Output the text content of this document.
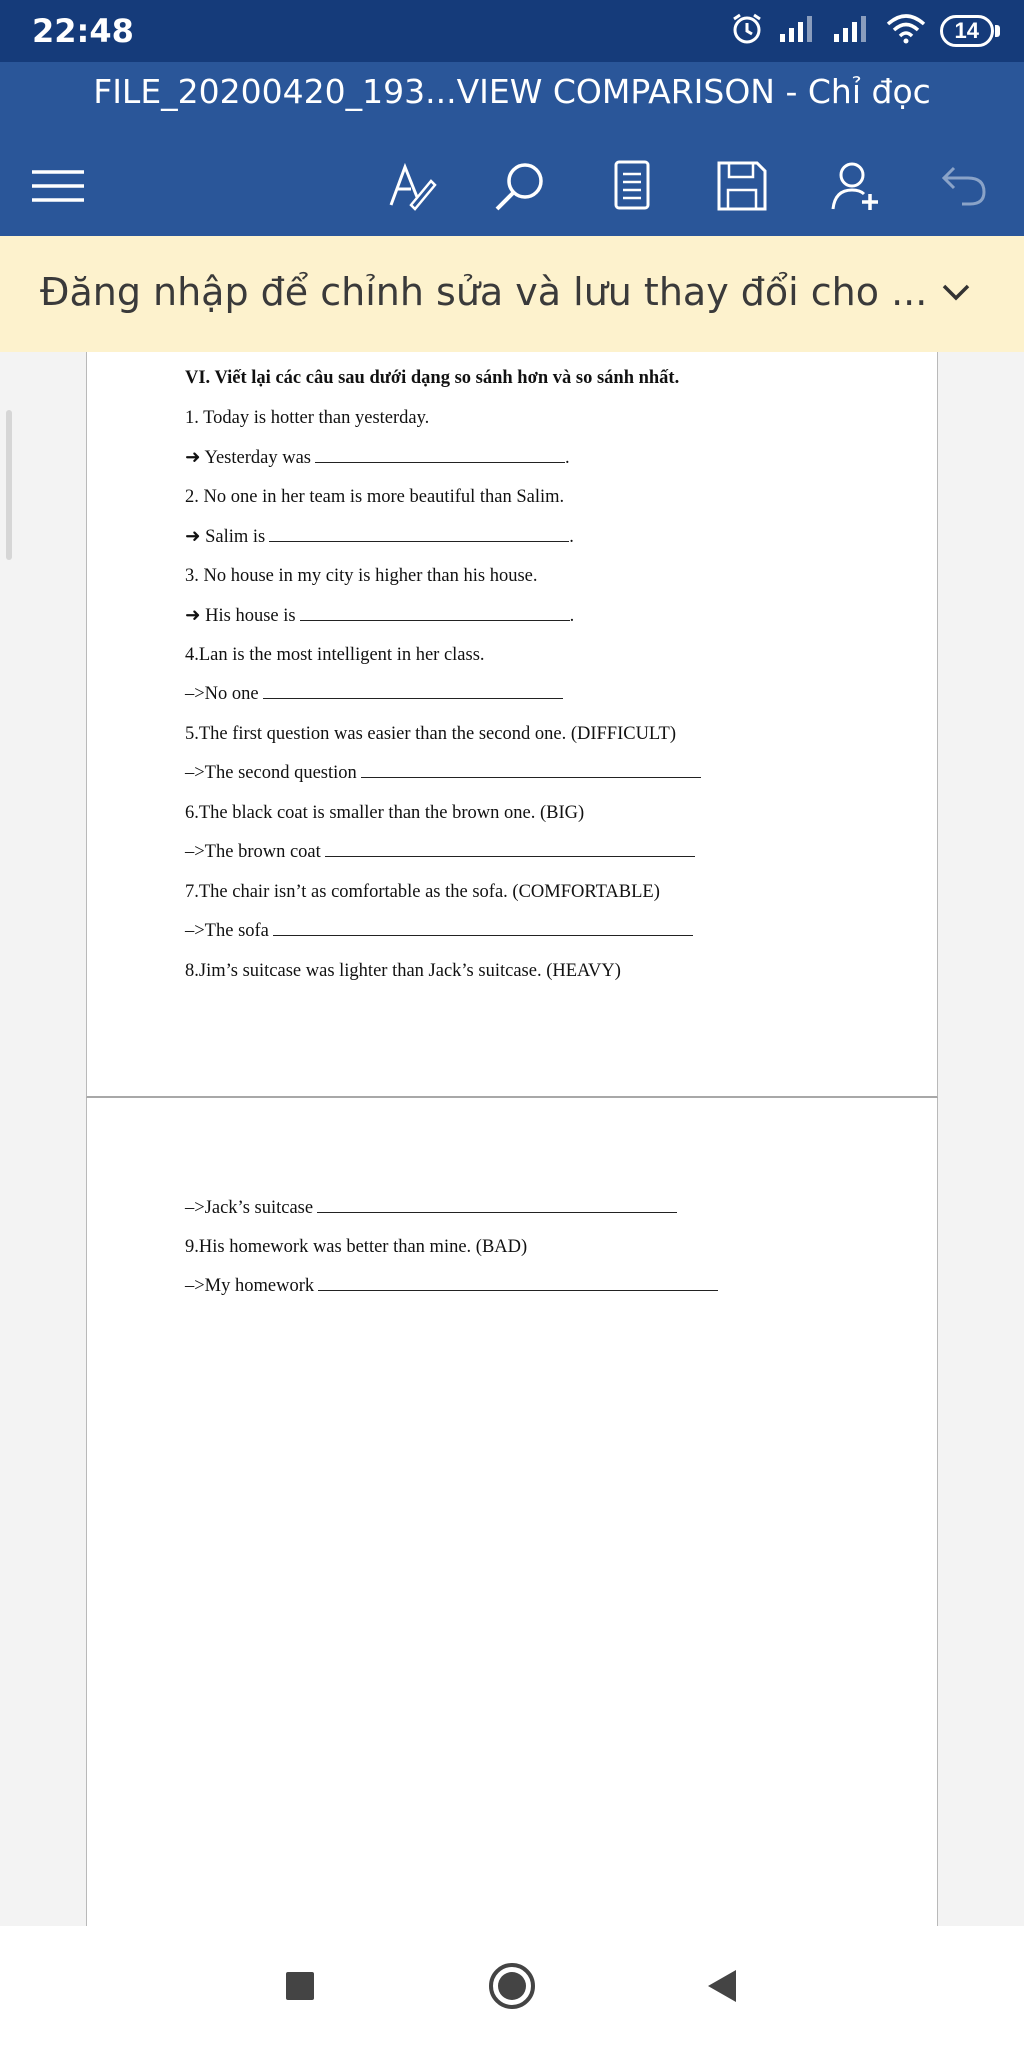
22:48	14
FILE_20200420_193...VIEW COMPARISON - Chỉ đọc
Đăng nhập để chỉnh sửa và lưu thay đổi cho ...
VI. Viết lại các câu sau dưới dạng so sánh hơn và so sánh nhất.
1. Today is hotter than yesterday.
➜ Yesterday was	.
2. No one in her team is more beautiful than Salim.
➜ Salim is	.
3. No house in my city is higher than his house.
➜ His house is	.
4.Lan is the most intelligent in her class.
–>No one
5.The first question was easier than the second one. (DIFFICULT)
–>The second question
6.The black coat is smaller than the brown one. (BIG)
–>The brown coat
7.The chair isn’t as comfortable as the sofa. (COMFORTABLE)
–>The sofa
8.Jim’s suitcase was lighter than Jack’s suitcase. (HEAVY)
–>Jack’s suitcase
9.His homework was better than mine. (BAD)
–>My homework
